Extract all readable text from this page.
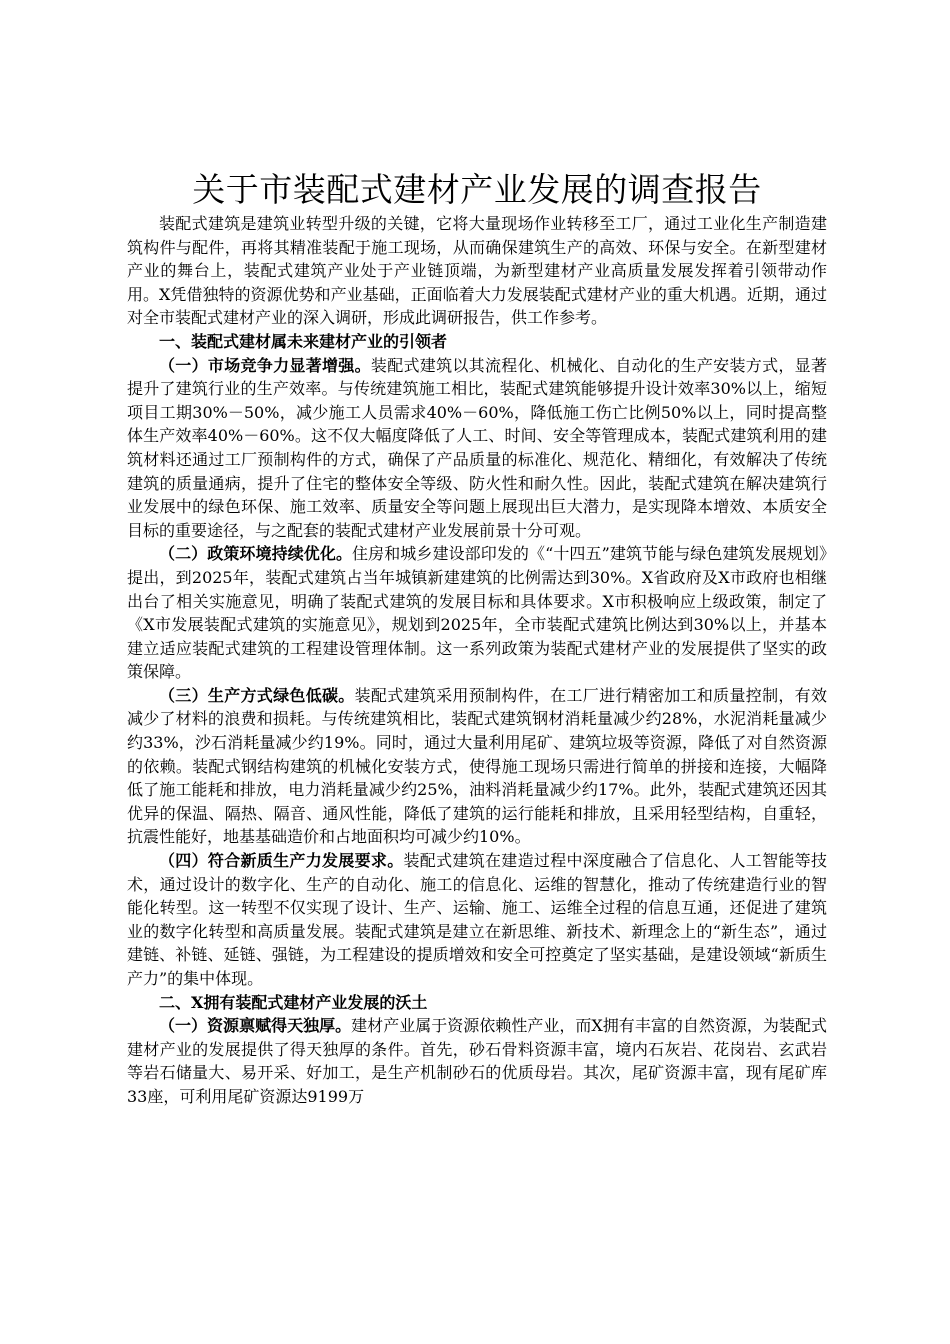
关于市装配式建材产业发展的调查报告

装配式建筑是建筑业转型升级的关键，它将大量现场作业转移至工厂，通过工业化生产制造建筑构件与配件，再将其精准装配于施工现场，从而确保建筑生产的高效、环保与安全。在新型建材产业的舞台上，装配式建筑产业处于产业链顶端，为新型建材产业高质量发展发挥着引领带动作用。X凭借独特的资源优势和产业基础，正面临着大力发展装配式建材产业的重大机遇。近期，通过对全市装配式建材产业的深入调研，形成此调研报告，供工作参考。

一、装配式建材属未来建材产业的引领者

（一）市场竞争力显著增强。装配式建筑以其流程化、机械化、自动化的生产安装方式，显著提升了建筑行业的生产效率。与传统建筑施工相比，装配式建筑能够提升设计效率30%以上，缩短项目工期30%－50%，减少施工人员需求40%－60%，降低施工伤亡比例50%以上，同时提高整体生产效率40%－60%。这不仅大幅度降低了人工、时间、安全等管理成本，装配式建筑利用的建筑材料还通过工厂预制构件的方式，确保了产品质量的标准化、规范化、精细化，有效解决了传统建筑的质量通病，提升了住宅的整体安全等级、防火性和耐久性。因此，装配式建筑在解决建筑行业发展中的绿色环保、施工效率、质量安全等问题上展现出巨大潜力，是实现降本增效、本质安全目标的重要途径，与之配套的装配式建材产业发展前景十分可观。

（二）政策环境持续优化。住房和城乡建设部印发的《“十四五”建筑节能与绿色建筑发展规划》提出，到2025年，装配式建筑占当年城镇新建建筑的比例需达到30%。X省政府及X市政府也相继出台了相关实施意见，明确了装配式建筑的发展目标和具体要求。X市积极响应上级政策，制定了《X市发展装配式建筑的实施意见》，规划到2025年，全市装配式建筑比例达到30%以上，并基本建立适应装配式建筑的工程建设管理体制。这一系列政策为装配式建材产业的发展提供了坚实的政策保障。

（三）生产方式绿色低碳。装配式建筑采用预制构件，在工厂进行精密加工和质量控制，有效减少了材料的浪费和损耗。与传统建筑相比，装配式建筑钢材消耗量减少约28%，水泥消耗量减少约33%，沙石消耗量减少约19%。同时，通过大量利用尾矿、建筑垃圾等资源，降低了对自然资源的依赖。装配式钢结构建筑的机械化安装方式，使得施工现场只需进行简单的拼接和连接，大幅降低了施工能耗和排放，电力消耗量减少约25%，油料消耗量减少约17%。此外，装配式建筑还因其优异的保温、隔热、隔音、通风性能，降低了建筑的运行能耗和排放，且采用轻型结构，自重轻，抗震性能好，地基基础造价和占地面积均可减少约10%。

（四）符合新质生产力发展要求。装配式建筑在建造过程中深度融合了信息化、人工智能等技术，通过设计的数字化、生产的自动化、施工的信息化、运维的智慧化，推动了传统建造行业的智能化转型。这一转型不仅实现了设计、生产、运输、施工、运维全过程的信息互通，还促进了建筑业的数字化转型和高质量发展。装配式建筑是建立在新思维、新技术、新理念上的“新生态”，通过建链、补链、延链、强链，为工程建设的提质增效和安全可控奠定了坚实基础，是建设领域“新质生产力”的集中体现。

二、X拥有装配式建材产业发展的沃土

（一）资源禀赋得天独厚。建材产业属于资源依赖性产业，而X拥有丰富的自然资源，为装配式建材产业的发展提供了得天独厚的条件。首先，砂石骨料资源丰富，境内石灰岩、花岗岩、玄武岩等岩石储量大、易开采、好加工，是生产机制砂石的优质母岩。其次，尾矿资源丰富，现有尾矿库33座，可利用尾矿资源达9199万
